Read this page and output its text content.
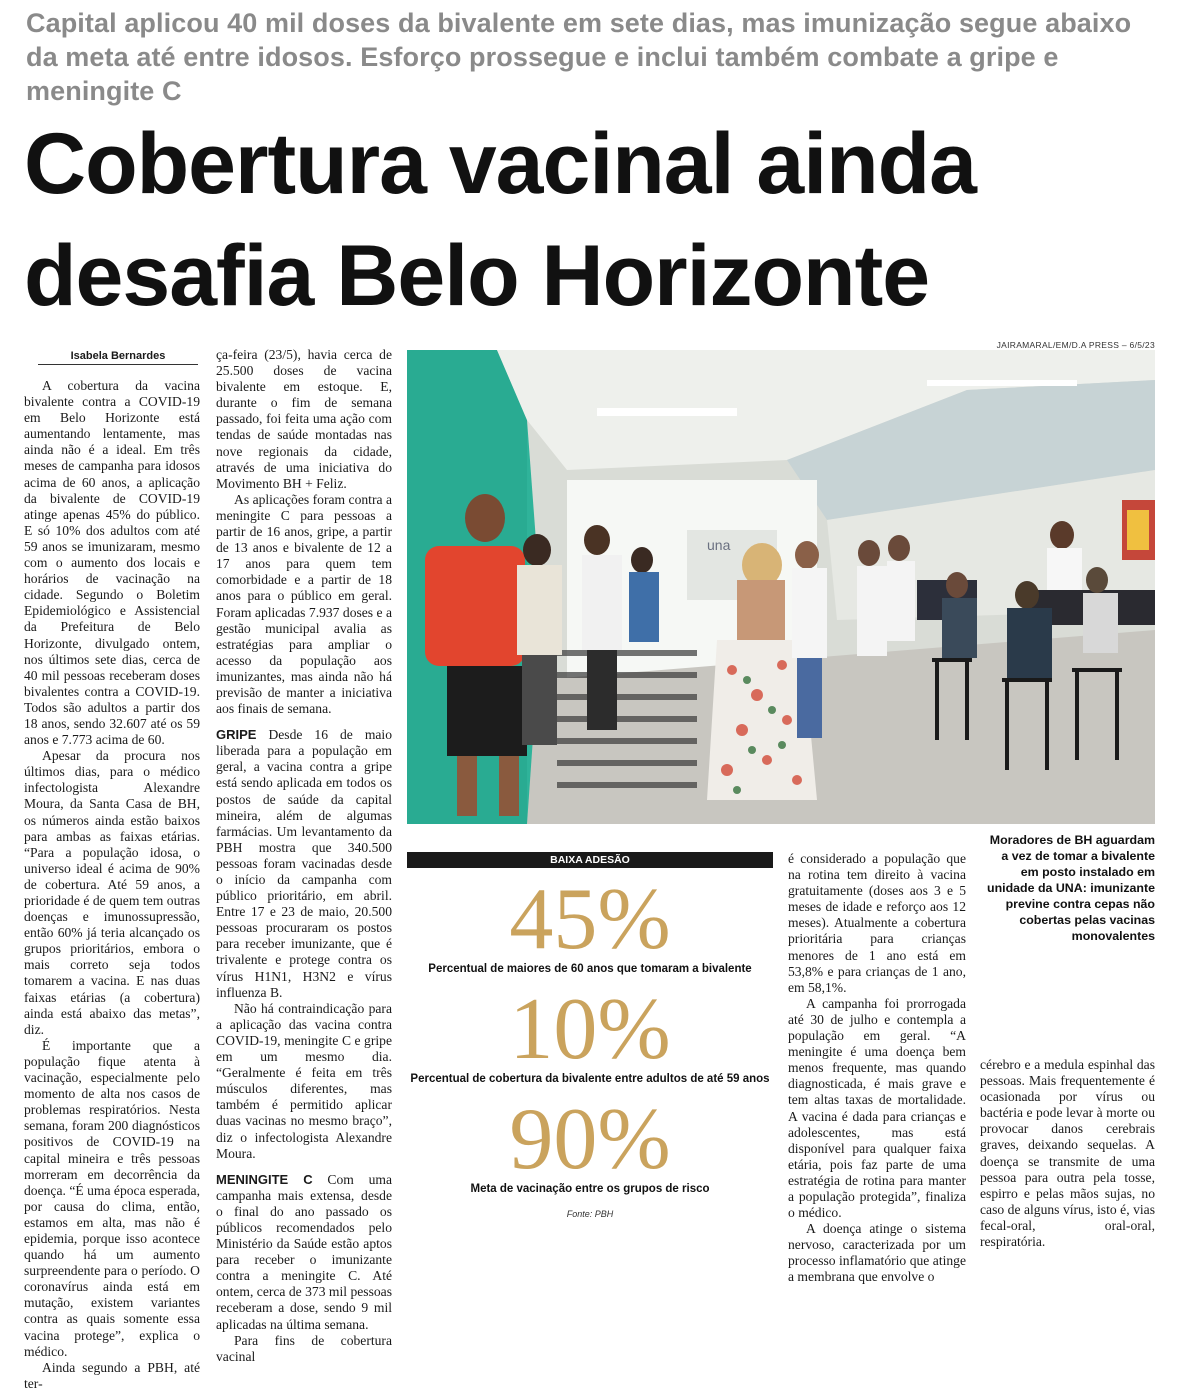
Capital aplicou 40 mil doses da bivalente em sete dias, mas imunização segue abaixo da meta até entre idosos. Esforço prossegue e inclui também combate a gripe e meningite C
Cobertura vacinal ainda
desafia Belo Horizonte
Isabela Bernardes

A cobertura da vacina bivalente contra a COVID-19 em Belo Horizonte está aumentando lentamente, mas ainda não é a ideal. Em três meses de campanha para idosos acima de 60 anos, a aplicação da bivalente de COVID-19 atinge apenas 45% do público. E só 10% dos adultos com até 59 anos se imunizaram, mesmo com o aumento dos locais e horários de vacinação na cidade. Segundo o Boletim Epidemiológico e Assistencial da Prefeitura de Belo Horizonte, divulgado ontem, nos últimos sete dias, cerca de 40 mil pessoas receberam doses bivalentes contra a COVID-19. Todos são adultos a partir dos 18 anos, sendo 32.607 até os 59 anos e 7.773 acima de 60.

Apesar da procura nos últimos dias, para o médico infectologista Alexandre Moura, da Santa Casa de BH, os números ainda estão baixos para ambas as faixas etárias. “Para a população idosa, o universo ideal é acima de 90% de cobertura. Até 59 anos, a prioridade é de quem tem outras doenças e imunossupressão, então 60% já teria alcançado os grupos prioritários, embora o mais correto seja todos tomarem a vacina. E nas duas faixas etárias (a cobertura) ainda está abaixo das metas”, diz.

É importante que a população fique atenta à vacinação, especialmente pelo momento de alta nos casos de problemas respiratórios. Nesta semana, foram 200 diagnósticos positivos de COVID-19 na capital mineira e três pessoas morreram em decorrência da doença. “É uma época esperada, por causa do clima, então, estamos em alta, mas não é epidemia, porque isso acontece quando há um aumento surpreendente para o período. O coronavírus ainda está em mutação, existem variantes contra as quais somente essa vacina protege”, explica o médico.

Ainda segundo a PBH, até ter-

ça-feira (23/5), havia cerca de 25.500 doses de vacina bivalente em estoque. E, durante o fim de semana passado, foi feita uma ação com tendas de saúde montadas nas nove regionais da cidade, através de uma iniciativa do Movimento BH + Feliz.

As aplicações foram contra a meningite C para pessoas a partir de 16 anos, gripe, a partir de 13 anos e bivalente de 12 a 17 anos para quem tem comorbidade e a partir de 18 anos para o público em geral. Foram aplicadas 7.937 doses e a gestão municipal avalia as estratégias para ampliar o acesso da população aos imunizantes, mas ainda não há previsão de manter a iniciativa aos finais de semana.

GRIPE Desde 16 de maio liberada para a população em geral, a vacina contra a gripe está sendo aplicada em todos os postos de saúde da capital mineira, além de algumas farmácias. Um levantamento da PBH mostra que 340.500 pessoas foram vacinadas desde o início da campanha com público prioritário, em abril. Entre 17 e 23 de maio, 20.500 pessoas procuraram os postos para receber imunizante, que é trivalente e protege contra os vírus H1N1, H3N2 e vírus influenza B.

Não há contraindicação para a aplicação das vacina contra COVID-19, meningite C e gripe em um mesmo dia. “Geralmente é feita em três músculos diferentes, mas também é permitido aplicar duas vacinas no mesmo braço”, diz o infectologista Alexandre Moura.

MENINGITE C Com uma campanha mais extensa, desde o final do ano passado os públicos recomendados pelo Ministério da Saúde estão aptos para receber o imunizante contra a meningite C. Até ontem, cerca de 373 mil pessoas receberam a dose, sendo 9 mil aplicadas na última semana.

Para fins de cobertura vacinal

JAIRAMARAL/EM/D.A PRESS – 6/5/23
una
Moradores de BH aguardam a vez de tomar a bivalente em posto instalado em unidade da UNA: imunizante previne contra cepas não cobertas pelas vacinas monovalentes
BAIXA ADESÃO
45%
Percentual de maiores de 60 anos que tomaram a bivalente
10%
Percentual de cobertura da bivalente entre adultos de até 59 anos
90%
Meta de vacinação entre os grupos de risco
Fonte: PBH

é considerado a população que na rotina tem direito à vacina gratuitamente (doses aos 3 e 5 meses de idade e reforço aos 12 meses). Atualmente a cobertura prioritária para crianças menores de 1 ano está em 53,8% e para crianças de 1 ano, em 58,1%.

A campanha foi prorrogada até 30 de julho e contempla a população em geral. “A meningite é uma doença bem menos frequente, mas quando diagnosticada, é mais grave e tem altas taxas de mortalidade. A vacina é dada para crianças e adolescentes, mas está disponível para qualquer faixa etária, pois faz parte de uma estratégia de rotina para manter a população protegida”, finaliza o médico.

A doença atinge o sistema nervoso, caracterizada por um processo inflamatório que atinge a membrana que envolve o

cérebro e a medula espinhal das pessoas. Mais frequentemente é ocasionada por vírus ou bactéria e pode levar à morte ou provocar danos cerebrais graves, deixando sequelas. A doença se transmite de uma pessoa para outra pela tosse, espirro e pelas mãos sujas, no caso de alguns vírus, isto é, vias fecal-oral, oral-oral, respiratória.
